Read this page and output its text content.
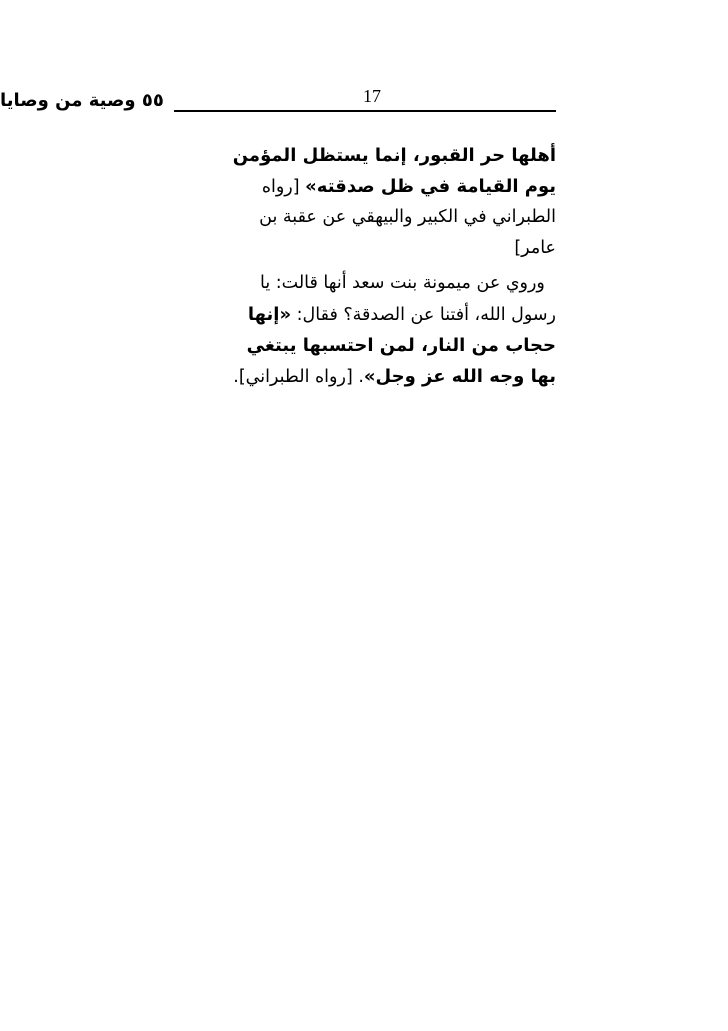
٥٥ وصية من وصايا	17
أهلها حر القبور، إنما يستظل المؤمن
يوم القيامة في ظل صدقته» [رواه
الطبراني في الكبير والبيهقي عن عقبة بن
عامر]
وروي عن ميمونة بنت سعد أنها قالت: يا
رسول الله، أفتنا عن الصدقة؟ فقال: «إنها
حجاب من النار، لمن احتسبها يبتغي
بها وجه الله عز وجل». [رواه الطبراني].
